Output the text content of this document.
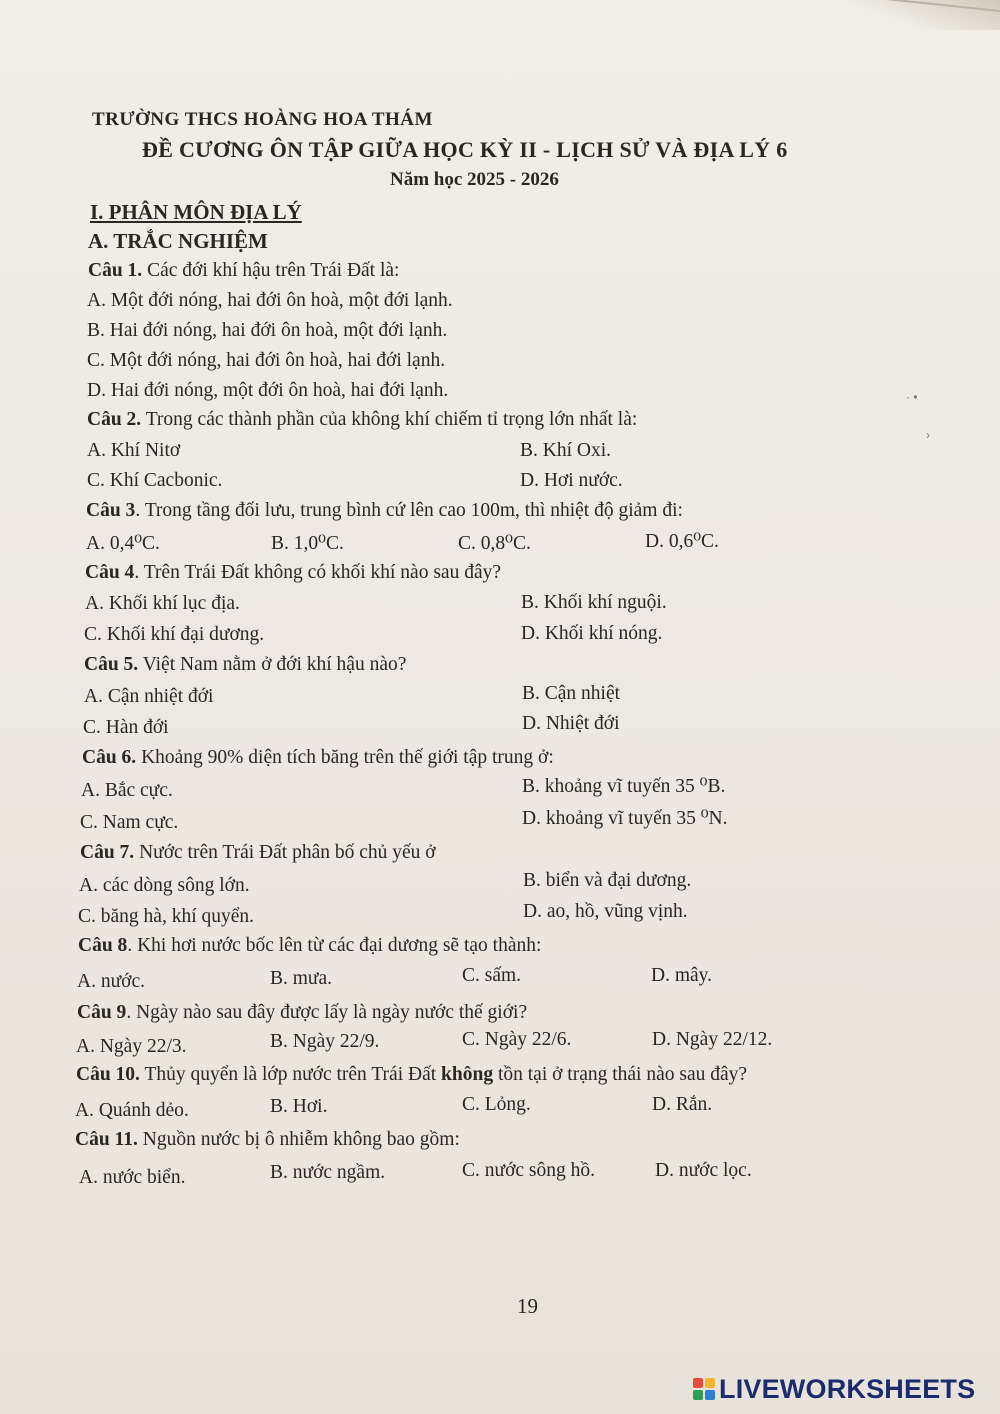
TRƯỜNG THCS HOÀNG HOA THÁM
ĐỀ CƯƠNG ÔN TẬP GIỮA HỌC KỲ II - LỊCH SỬ VÀ ĐỊA LÝ 6
Năm học 2025 - 2026
I. PHÂN MÔN ĐỊA LÝ
A. TRẮC NGHIỆM
Câu 1. Các đới khí hậu trên Trái Đất là:
A. Một đới nóng, hai đới ôn hoà, một đới lạnh.
B. Hai đới nóng, hai đới ôn hoà, một đới lạnh.
C. Một đới nóng, hai đới ôn hoà, hai đới lạnh.
D. Hai đới nóng, một đới ôn hoà, hai đới lạnh.
Câu 2. Trong các thành phần của không khí chiếm tỉ trọng lớn nhất là:
A. Khí Nitơ	B. Khí Oxi.
C. Khí Cacbonic.	D. Hơi nước.
Câu 3. Trong tầng đối lưu, trung bình cứ lên cao 100m, thì nhiệt độ giảm đi:
A. 0,4⁰C.	B. 1,0⁰C.	C. 0,8⁰C.	D. 0,6⁰C.
Câu 4. Trên Trái Đất không có khối khí nào sau đây?
A. Khối khí lục địa.	B. Khối khí nguội.
C. Khối khí đại dương.	D. Khối khí nóng.
Câu 5. Việt Nam nằm ở đới khí hậu nào?
A. Cận nhiệt đới	B. Cận nhiệt
C. Hàn đới	D. Nhiệt đới
Câu 6. Khoảng 90% diện tích băng trên thế giới tập trung ở:
A. Bắc cực.	B. khoảng vĩ tuyến 35 ⁰B.
C. Nam cực.	D. khoảng vĩ tuyến 35 ⁰N.
Câu 7. Nước trên Trái Đất phân bố chủ yếu ở
A. các dòng sông lớn.	B. biển và đại dương.
C. băng hà, khí quyển.	D. ao, hồ, vũng vịnh.
Câu 8. Khi hơi nước bốc lên từ các đại dương sẽ tạo thành:
A. nước.	B. mưa.	C. sấm.	D. mây.
Câu 9. Ngày nào sau đây được lấy là ngày nước thế giới?
A. Ngày 22/3.	B. Ngày 22/9.	C. Ngày 22/6.	D. Ngày 22/12.
Câu 10. Thủy quyển là lớp nước trên Trái Đất không tồn tại ở trạng thái nào sau đây?
A. Quánh dẻo.	B. Hơi.	C. Lỏng.	D. Rắn.
Câu 11. Nguồn nước bị ô nhiễm không bao gồm:
A. nước biển.	B. nước ngầm.	C. nước sông hồ.	D. nước lọc.
· •
›
19
LIVEWORKSHEETS
